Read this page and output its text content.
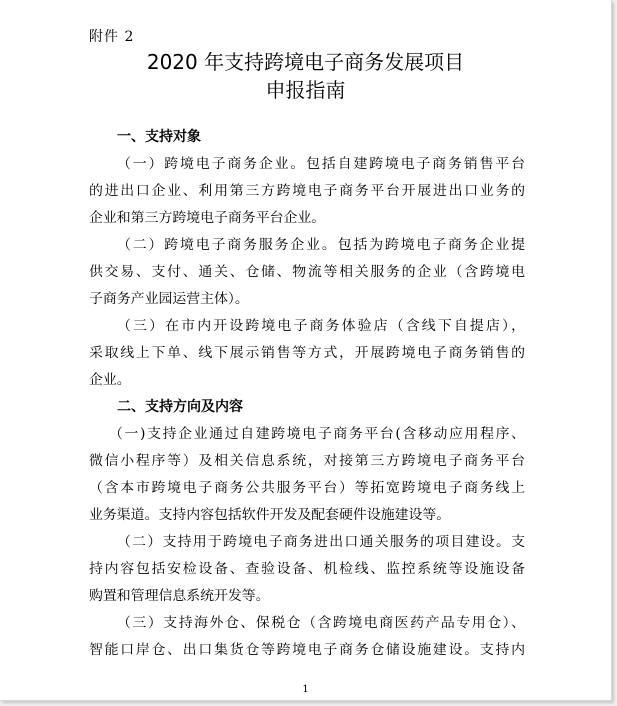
附件 2
2020 年支持跨境电子商务发展项目
申报指南
一、支持对象
（一）跨境电子商务企业。包括自建跨境电子商务销售平台
的进出口企业、利用第三方跨境电子商务平台开展进出口业务的
企业和第三方跨境电子商务平台企业。
（二）跨境电子商务服务企业。包括为跨境电子商务企业提
供交易、支付、通关、仓储、物流等相关服务的企业（含跨境电
子商务产业园运营主体）。
（三）在市内开设跨境电子商务体验店（含线下自提店），
采取线上下单、线下展示销售等方式，开展跨境电子商务销售的
企业。
二、支持方向及内容
（一)支持企业通过自建跨境电子商务平台(含移动应用程序、
微信小程序等）及相关信息系统，对接第三方跨境电子商务平台
（含本市跨境电子商务公共服务平台）等拓宽跨境电子商务线上
业务渠道。支持内容包括软件开发及配套硬件设施建设等。
（二）支持用于跨境电子商务进出口通关服务的项目建设。支
持内容包括安检设备、查验设备、机检线、监控系统等设施设备
购置和管理信息系统开发等。
（三）支持海外仓、保税仓（含跨境电商医药产品专用仓）、
智能口岸仓、出口集货仓等跨境电子商务仓储设施建设。支持内
1
